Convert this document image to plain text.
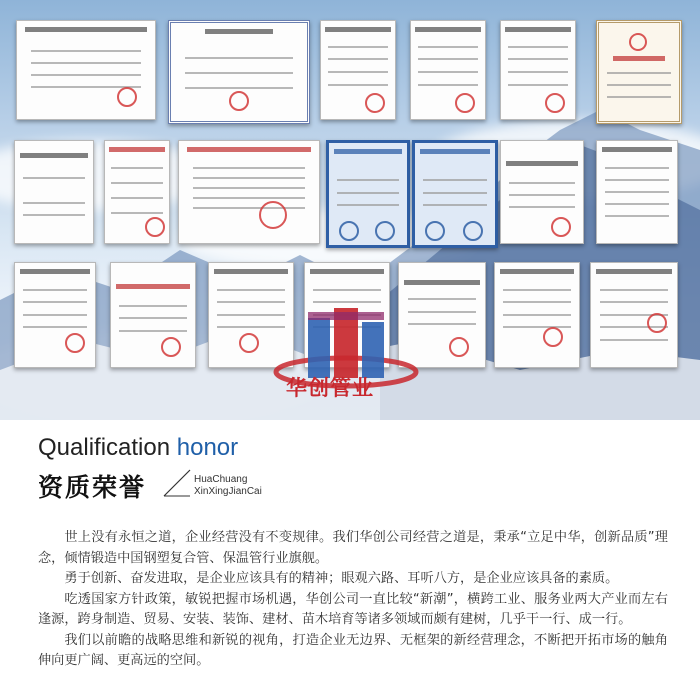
华创管业
Qualification honor
资质荣誉	HuaChuang
XinXingJianCai

世上没有永恒之道，企业经营没有不变规律。我们华创公司经营之道是，秉承“立足中华，创新品质”理念，倾情锻造中国钢塑复合管、保温管行业旗舰。

勇于创新、奋发进取，是企业应该具有的精神；眼观六路、耳听八方，是企业应该具备的素质。

吃透国家方针政策，敏锐把握市场机遇，华创公司一直比较“新潮”，横跨工业、服务业两大产业而左右逢源，跨身制造、贸易、安装、装饰、建材、苗木培育等诸多领域而颇有建树，几乎干一行、成一行。

我们以前瞻的战略思维和新锐的视角，打造企业无边界、无框架的新经营理念，不断把开拓市场的触角伸向更广阔、更高远的空间。
